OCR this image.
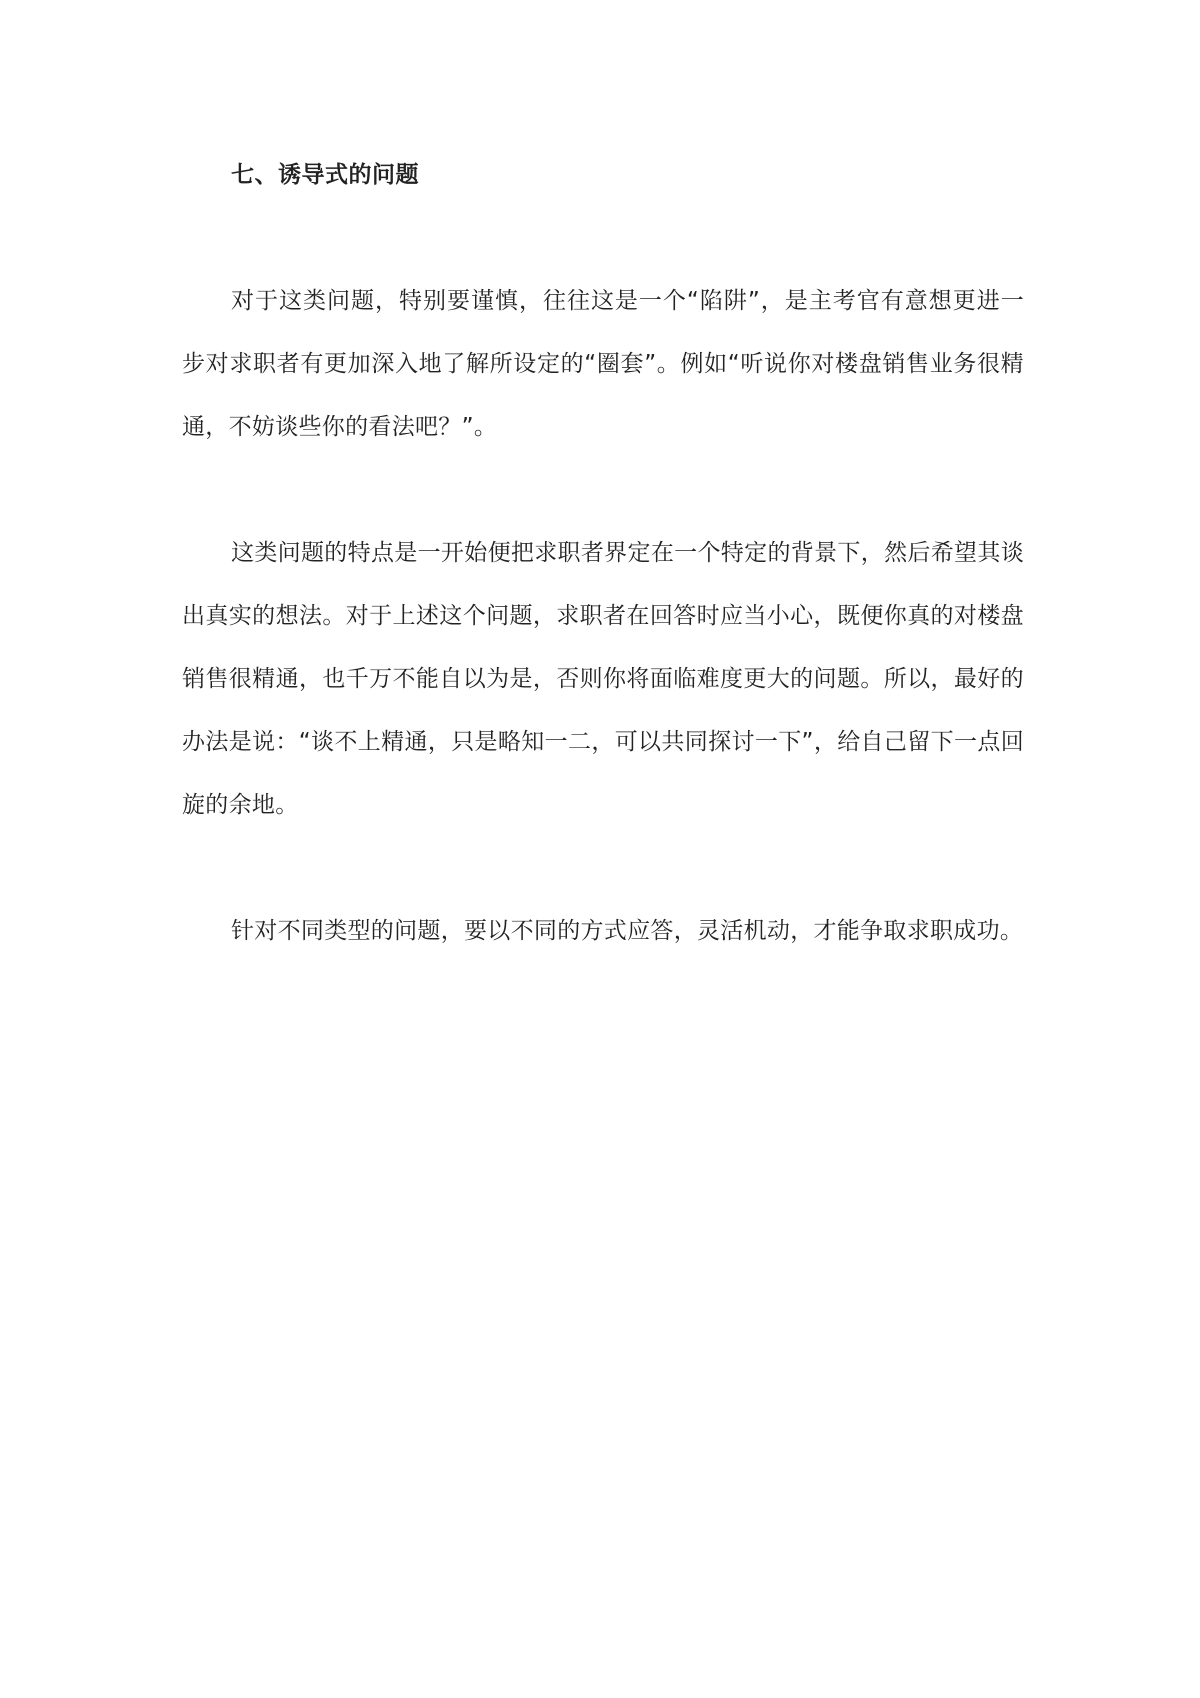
七、诱导式的问题

对于这类问题，特别要谨慎，往往这是一个“陷阱”，是主考官有意想更进一步对求职者有更加深入地了解所设定的“圈套”。例如“听说你对楼盘销售业务很精通，不妨谈些你的看法吧？”。

这类问题的特点是一开始便把求职者界定在一个特定的背景下，然后希望其谈出真实的想法。对于上述这个问题，求职者在回答时应当小心，既便你真的对楼盘销售很精通，也千万不能自以为是，否则你将面临难度更大的问题。所以，最好的办法是说：“谈不上精通，只是略知一二，可以共同探讨一下”，给自己留下一点回旋的余地。

针对不同类型的问题，要以不同的方式应答，灵活机动，才能争取求职成功。
